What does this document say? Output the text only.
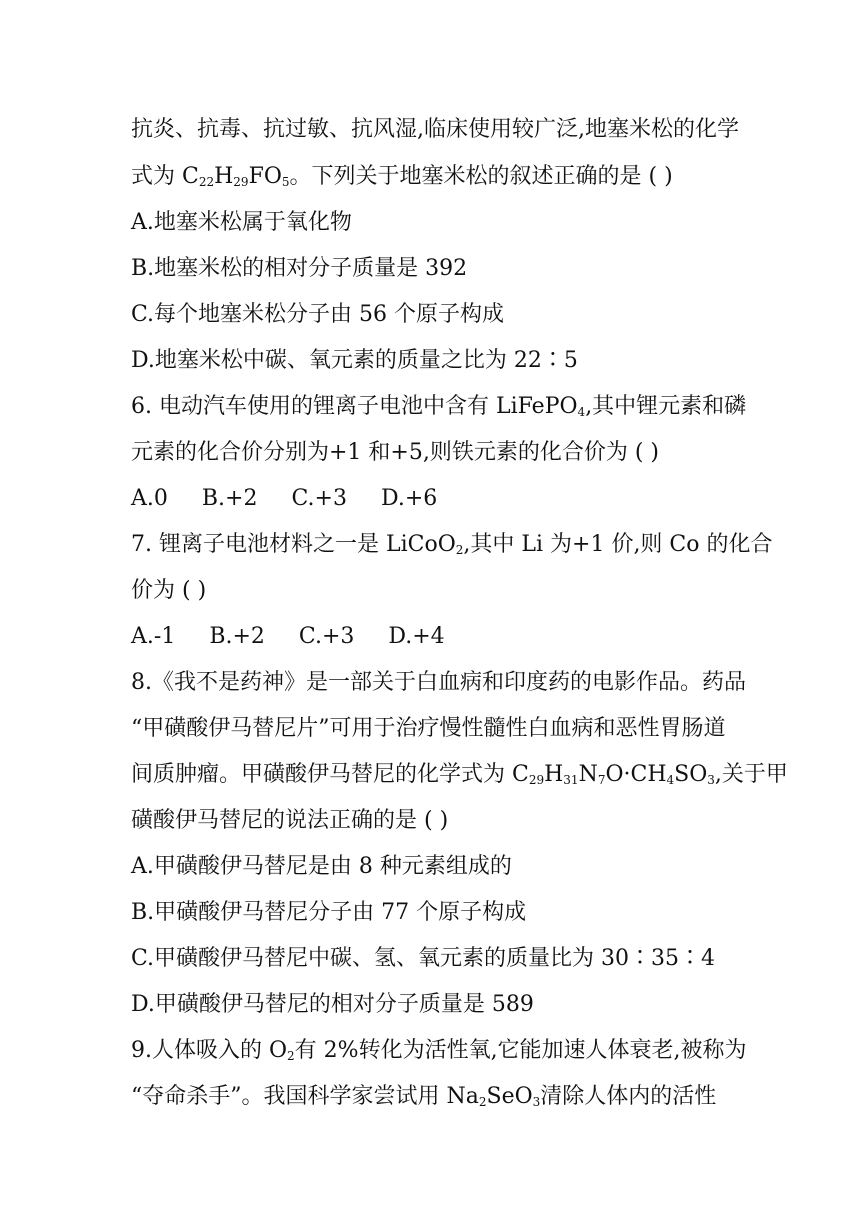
抗炎、抗毒、抗过敏、抗风湿,临床使用较广泛,地塞米松的化学
式为 $C_{22}H_{29}FO_5$。下列关于地塞米松的叙述正确的是 ( )
A.地塞米松属于氧化物
B.地塞米松的相对分子质量是 392
C.每个地塞米松分子由 56 个原子构成
D.地塞米松中碳、氧元素的质量之比为 22∶5
6. 电动汽车使用的锂离子电池中含有 LiFePO$_4$,其中锂元素和磷
元素的化合价分别为+1 和+5,则铁元素的化合价为 ( )
A.0 B.+2 C.+3 D.+6
7. 锂离子电池材料之一是 LiCoO$_2$,其中 Li 为+1 价,则 Co 的化合
价为 ( )
A.-1 B.+2 C.+3 D.+4
8.《我不是药神》是一部关于白血病和印度药的电影作品。药品
“甲磺酸伊马替尼片”可用于治疗慢性髓性白血病和恶性胃肠道
间质肿瘤。甲磺酸伊马替尼的化学式为 $C_{29}H_{31}N_7O\cdot CH_4SO_3$,关于甲
磺酸伊马替尼的说法正确的是 ( )
A.甲磺酸伊马替尼是由 8 种元素组成的
B.甲磺酸伊马替尼分子由 77 个原子构成
C.甲磺酸伊马替尼中碳、氢、氧元素的质量比为 30∶35∶4
D.甲磺酸伊马替尼的相对分子质量是 589
9.人体吸入的 $O_2$有 2%转化为活性氧,它能加速人体衰老,被称为
“夺命杀手”。我国科学家尝试用 $Na_2SeO_3$清除人体内的活性
